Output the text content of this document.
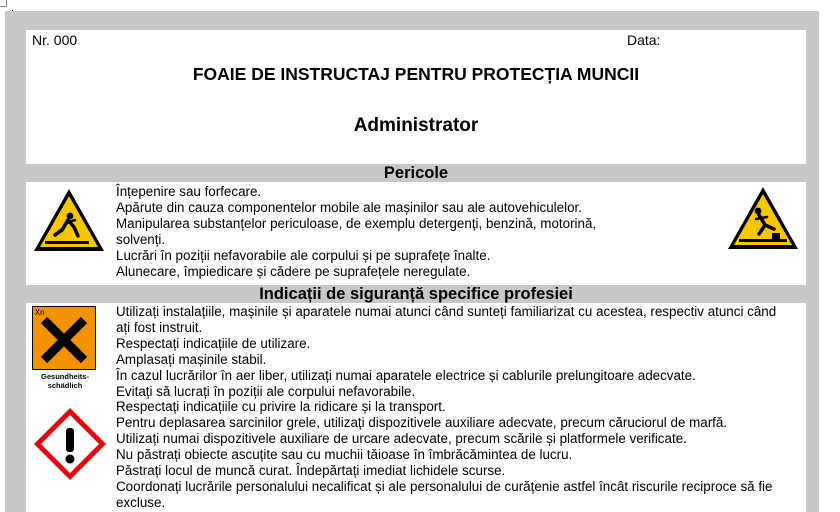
Nr. 000	Data:
FOAIE DE INSTRUCTAJ PENTRU PROTECȚIA MUNCII
Administrator
Pericole
Înțepenire sau forfecare.
Apărute din cauza componentelor mobile ale mașinilor sau ale autovehiculelor.
Manipularea substanțelor periculoase, de exemplu detergenți, benzină, motorină,
solvenți.
Lucrări în poziții nefavorabile ale corpului și pe suprafețe înalte.
Alunecare, împiedicare și cădere pe suprafețele neregulate.
Indicații de siguranță specifice profesiei
Xn
Gesundheits-
schädlich
Utilizați instalațiile, mașinile și aparatele numai atunci când sunteți familiarizat cu acestea, respectiv atunci când
ați fost instruit.
Respectați indicațiile de utilizare.
Amplasați mașinile stabil.
În cazul lucrărilor în aer liber, utilizați numai aparatele electrice și cablurile prelungitoare adecvate.
Evitați să lucrați în poziții ale corpului nefavorabile.
Respectați indicațiile cu privire la ridicare și la transport.
Pentru deplasarea sarcinilor grele, utilizați dispozitivele auxiliare adecvate, precum căruciorul de marfă.
Utilizați numai dispozitivele auxiliare de urcare adecvate, precum scările și platformele verificate.
Nu păstrați obiecte ascuțite sau cu muchii tăioase în îmbrăcămintea de lucru.
Păstrați locul de muncă curat. Îndepărtați imediat lichidele scurse.
Coordonați lucrările personalului necalificat și ale personalului de curățenie astfel încât riscurile reciproce să fie
excluse.
